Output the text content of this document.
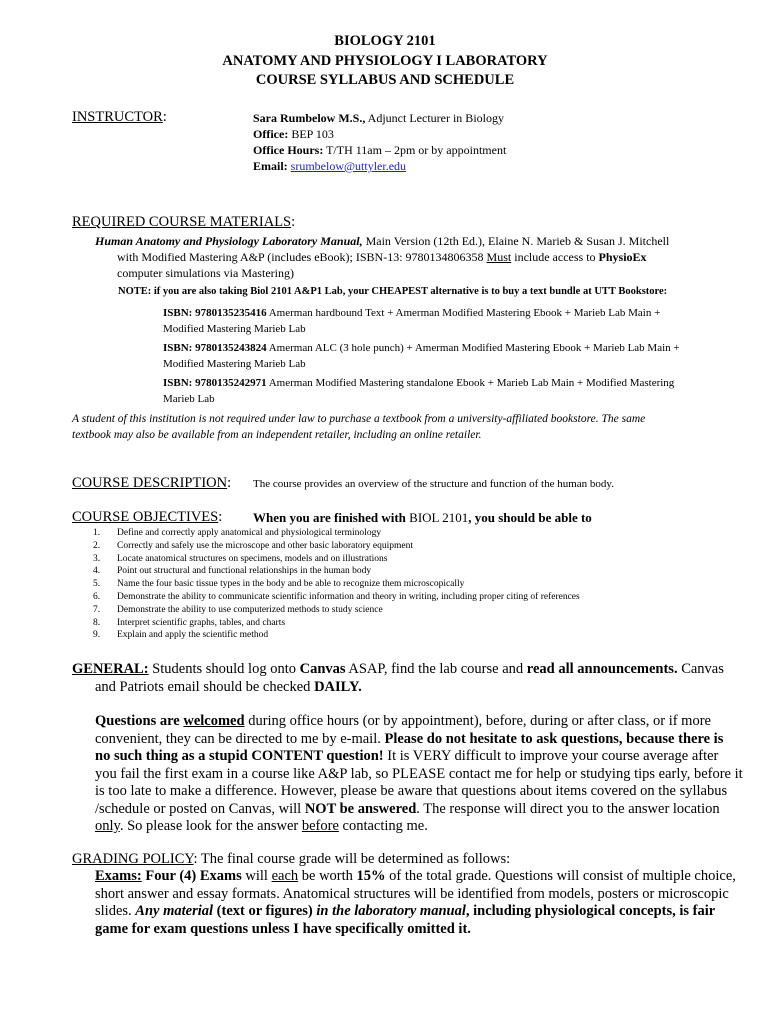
BIOLOGY 2101
ANATOMY AND PHYSIOLOGY I LABORATORY
COURSE SYLLABUS AND SCHEDULE
INSTRUCTOR:	Sara Rumbelow M.S., Adjunct Lecturer in Biology
Office: BEP 103
Office Hours: T/TH 11am – 2pm or by appointment
Email: srumbelow@uttyler.edu
REQUIRED COURSE MATERIALS:
Human Anatomy and Physiology Laboratory Manual, Main Version (12th Ed.), Elaine N. Marieb & Susan J. Mitchell
with Modified Mastering A&P (includes eBook); ISBN-13: 9780134806358 Must include access to PhysioEx
computer simulations via Mastering)
NOTE: if you are also taking Biol 2101 A&P1 Lab, your CHEAPEST alternative is to buy a text bundle at UTT Bookstore:
ISBN: 9780135235416 Amerman hardbound Text + Amerman Modified Mastering Ebook + Marieb Lab Main +
Modified Mastering Marieb Lab
ISBN: 9780135243824 Amerman ALC (3 hole punch) + Amerman Modified Mastering Ebook + Marieb Lab Main +
Modified Mastering Marieb Lab
ISBN: 9780135242971 Amerman Modified Mastering standalone Ebook + Marieb Lab Main + Modified Mastering
Marieb Lab
A student of this institution is not required under law to purchase a textbook from a university-affiliated bookstore. The same
textbook may also be available from an independent retailer, including an online retailer.
COURSE DESCRIPTION: The course provides an overview of the structure and function of the human body.
COURSE OBJECTIVES: When you are finished with BIOL 2101, you should be able to
1. Define and correctly apply anatomical and physiological terminology
2. Correctly and safely use the microscope and other basic laboratory equipment
3. Locate anatomical structures on specimens, models and on illustrations
4. Point out structural and functional relationships in the human body
5. Name the four basic tissue types in the body and be able to recognize them microscopically
6. Demonstrate the ability to communicate scientific information and theory in writing, including proper citing of references
7. Demonstrate the ability to use computerized methods to study science
8. Interpret scientific graphs, tables, and charts
9. Explain and apply the scientific method
GENERAL: Students should log onto Canvas ASAP, find the lab course and read all announcements. Canvas
and Patriots email should be checked DAILY.
Questions are welcomed during office hours (or by appointment), before, during or after class, or if more
convenient, they can be directed to me by e-mail. Please do not hesitate to ask questions, because there is
no such thing as a stupid CONTENT question! It is VERY difficult to improve your course average after
you fail the first exam in a course like A&P lab, so PLEASE contact me for help or studying tips early, before it
is too late to make a difference. However, please be aware that questions about items covered on the syllabus
/schedule or posted on Canvas, will NOT be answered. The response will direct you to the answer location
only. So please look for the answer before contacting me.
GRADING POLICY: The final course grade will be determined as follows:
Exams: Four (4) Exams will each be worth 15% of the total grade. Questions will consist of multiple choice,
short answer and essay formats. Anatomical structures will be identified from models, posters or microscopic
slides. Any material (text or figures) in the laboratory manual, including physiological concepts, is fair
game for exam questions unless I have specifically omitted it.
